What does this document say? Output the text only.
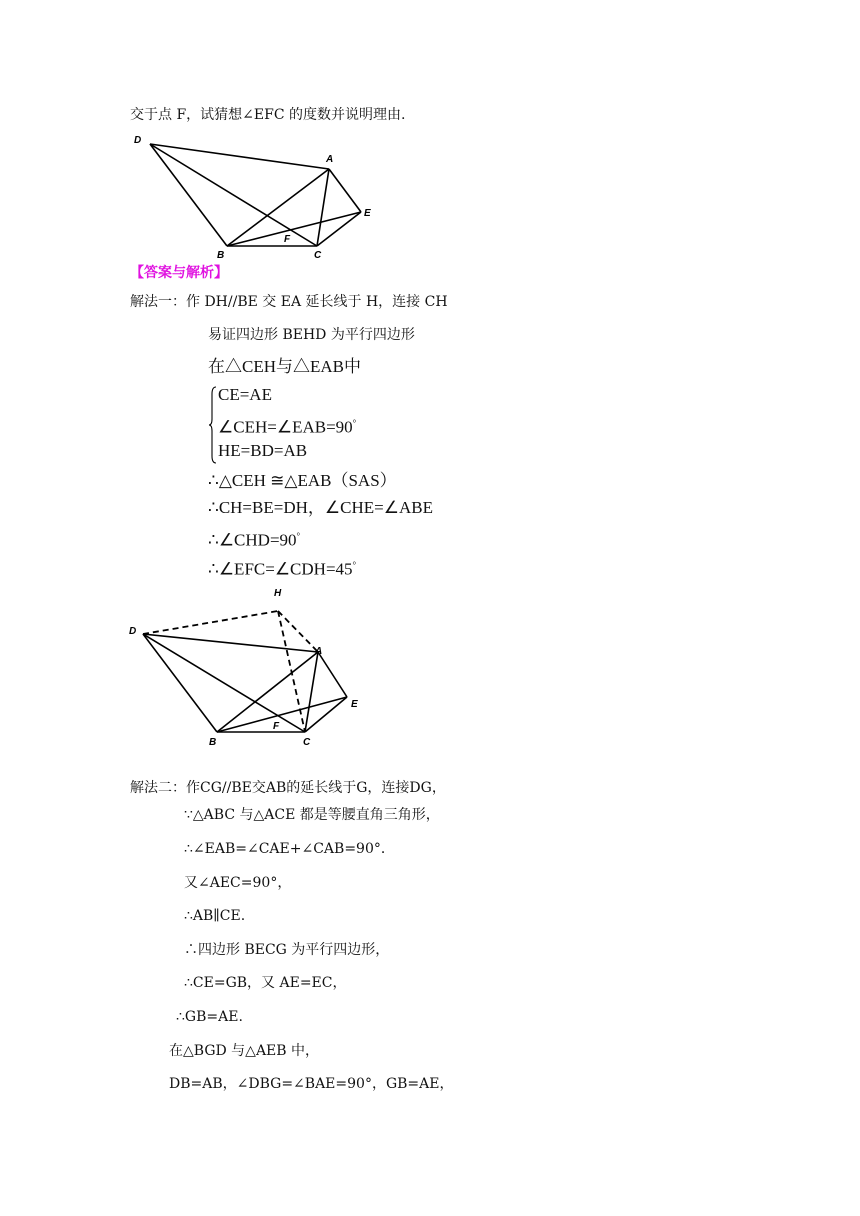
交于点 F，试猜想∠EFC 的度数并说明理由.
D
A
E
B
F
C
【答案与解析】
解法一：作 DH//BE 交 EA 延长线于 H，连接 CH
易证四边形 BEHD 为平行四边形
在△CEH与△EAB中
CE=AE
∠CEH=∠EAB=90°
HE=BD=AB
∴△CEH ≅△EAB（SAS）
∴CH=BE=DH，∠CHE=∠ABE
∴∠CHD=90°
∴∠EFC=∠CDH=45°
H
D
A
E
B
F
C
解法二：作CG//BE交AB的延长线于G，连接DG，
∵△ABC 与△ACE 都是等腰直角三角形，
∴∠EAB=∠CAE+∠CAB=90°．
又∠AEC=90°，
∴AB∥CE.
∴四边形 BECG 为平行四边形，
∴CE=GB，又 AE=EC，
∴GB=AE.
在△BGD 与△AEB 中，
DB=AB，∠DBG=∠BAE=90°，GB=AE，
